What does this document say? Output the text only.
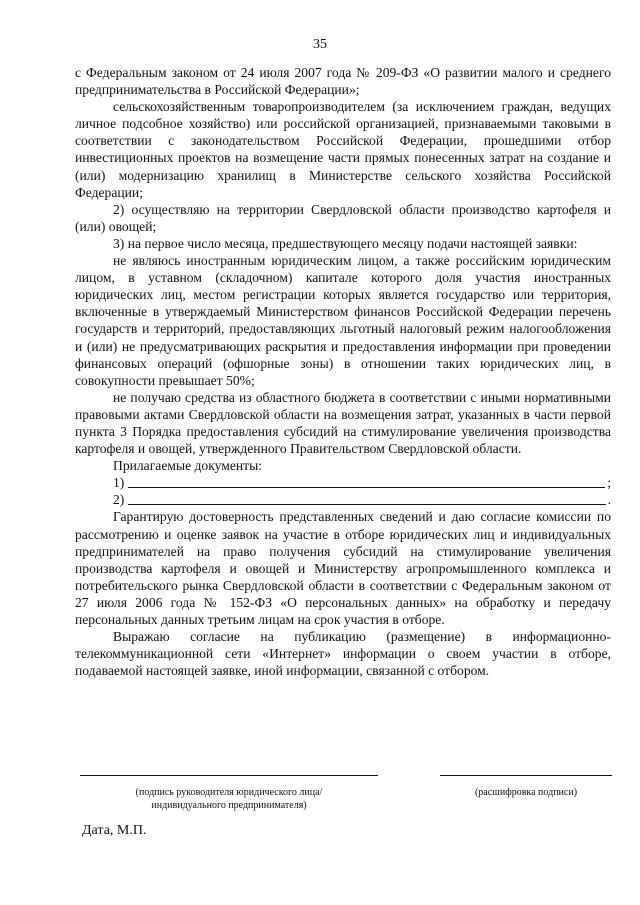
35

с Федеральным законом от 24 июля 2007 года № 209-ФЗ «О развитии малого и среднего предпринимательства в Российской Федерации»;

сельскохозяйственным товаропроизводителем (за исключением граждан, ведущих личное подсобное хозяйство) или российской организацией, признаваемыми таковыми в соответствии с законодательством Российской Федерации, прошедшими отбор инвестиционных проектов на возмещение части прямых понесенных затрат на создание и (или) модернизацию хранилищ в Министерстве сельского хозяйства Российской Федерации;

2) осуществляю на территории Свердловской области производство картофеля и (или) овощей;

3) на первое число месяца, предшествующего месяцу подачи настоящей заявки:

не являюсь иностранным юридическим лицом, а также российским юридическим лицом, в уставном (складочном) капитале которого доля участия иностранных юридических лиц, местом регистрации которых является государство или территория, включенные в утверждаемый Министерством финансов Российской Федерации перечень государств и территорий, предоставляющих льготный налоговый режим налогообложения и (или) не предусматривающих раскрытия и предоставления информации при проведении финансовых операций (офшорные зоны) в отношении таких юридических лиц, в совокупности превышает 50%;

не получаю средства из областного бюджета в соответствии с иными нормативными правовыми актами Свердловской области на возмещения затрат, указанных в части первой пункта 3 Порядка предоставления субсидий на стимулирование увеличения производства картофеля и овощей, утвержденного Правительством Свердловской области.

Прилагаемые документы:

1)	;
2)	.

Гарантирую достоверность представленных сведений и даю согласие комиссии по рассмотрению и оценке заявок на участие в отборе юридических лиц и индивидуальных предпринимателей на право получения субсидий на стимулирование увеличения производства картофеля и овощей и Министерству агропромышленного комплекса и потребительского рынка Свердловской области в соответствии с Федеральным законом от 27 июля 2006 года № 152-ФЗ «О персональных данных» на обработку и передачу персональных данных третьим лицам на срок участия в отборе.

Выражаю согласие на публикацию (размещение) в информационно-телекоммуникационной сети «Интернет» информации о своем участии в отборе, подаваемой настоящей заявке, иной информации, связанной с отбором.

(подпись руководителя юридического лица/
индивидуального предпринимателя)
(расшифровка подписи)
Дата, М.П.
